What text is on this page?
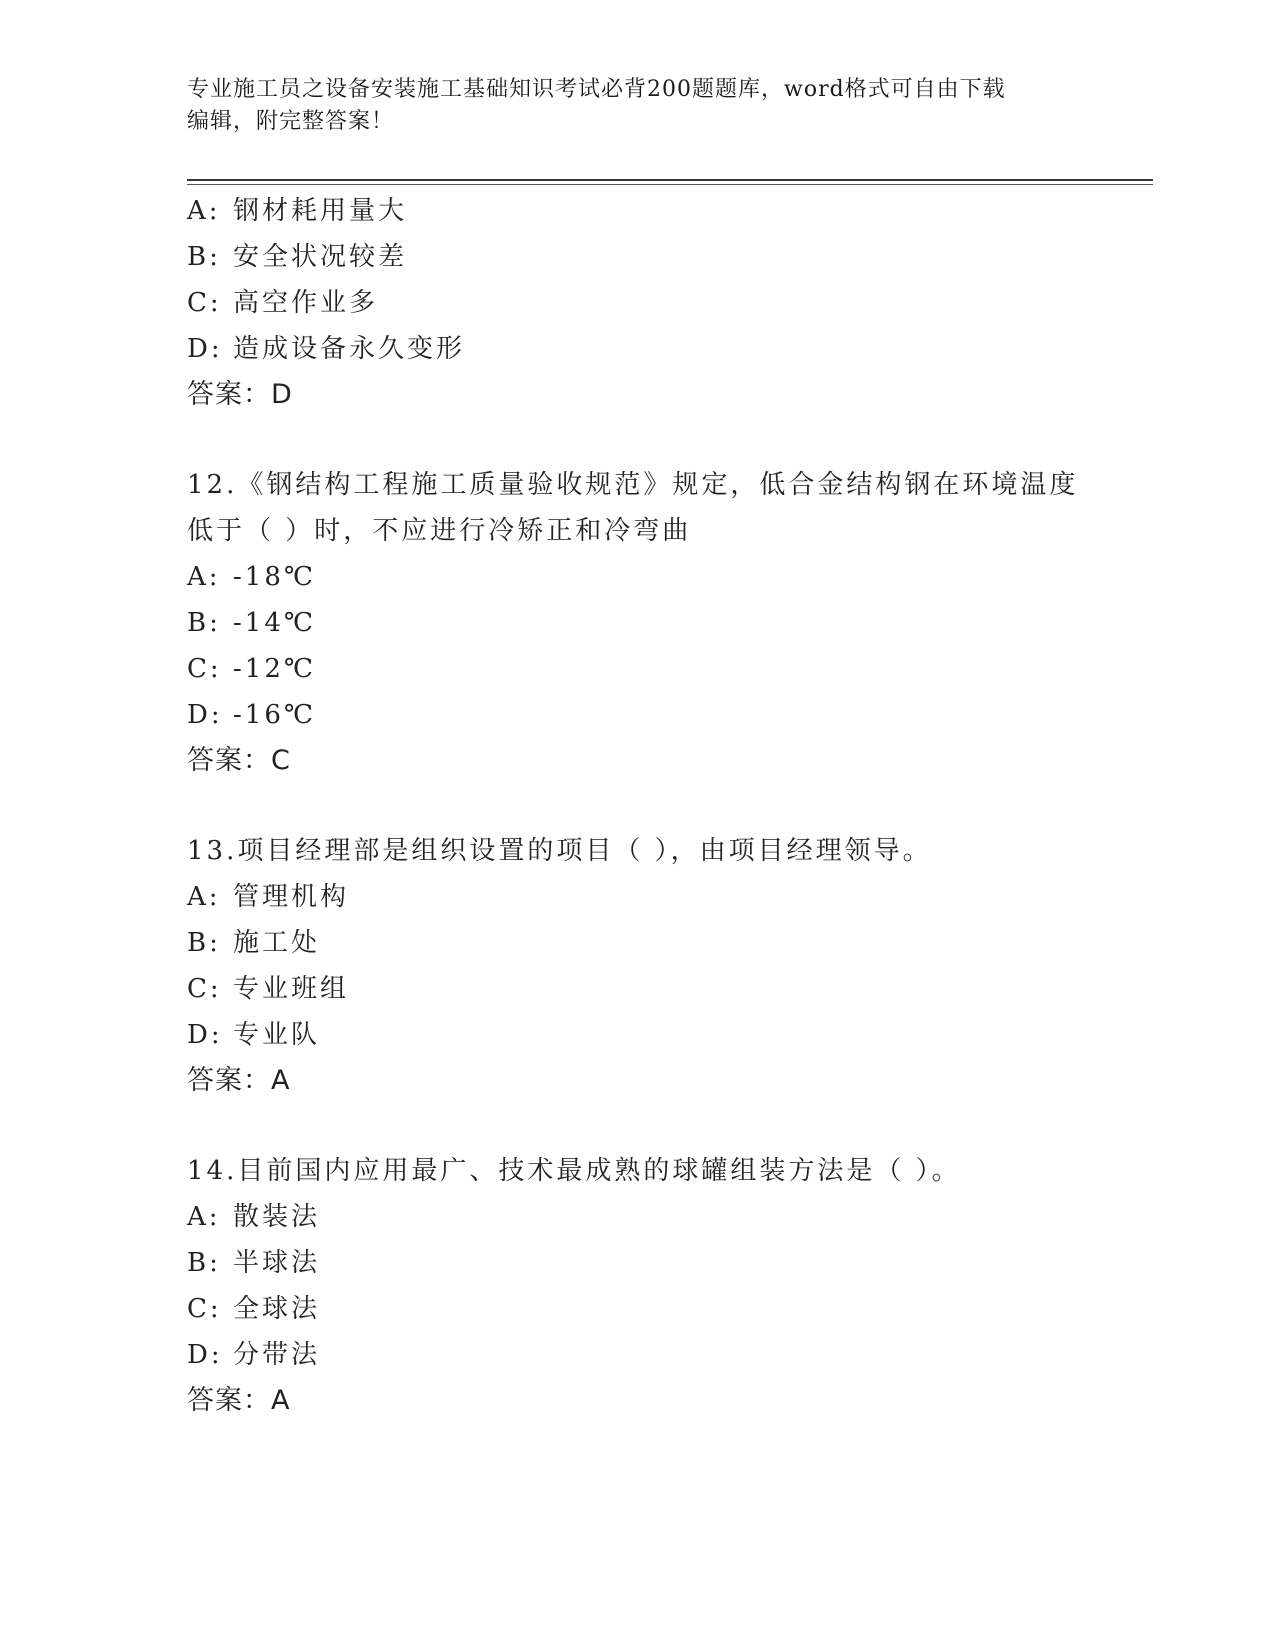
专业施工员之设备安装施工基础知识考试必背200题题库，word格式可自由下载
编辑，附完整答案！
A: 钢材耗用量大
B: 安全状况较差
C: 高空作业多
D: 造成设备永久变形
答案：D
12.《钢结构工程施工质量验收规范》规定，低合金结构钢在环境温度
低于（ ）时，不应进行冷矫正和冷弯曲
A: -18℃
B: -14℃
C: -12℃
D: -16℃
答案：C
13.项目经理部是组织设置的项目（ ），由项目经理领导。
A: 管理机构
B: 施工处
C: 专业班组
D: 专业队
答案：A
14.目前国内应用最广、技术最成熟的球罐组装方法是（ ）。
A: 散装法
B: 半球法
C: 全球法
D: 分带法
答案：A
